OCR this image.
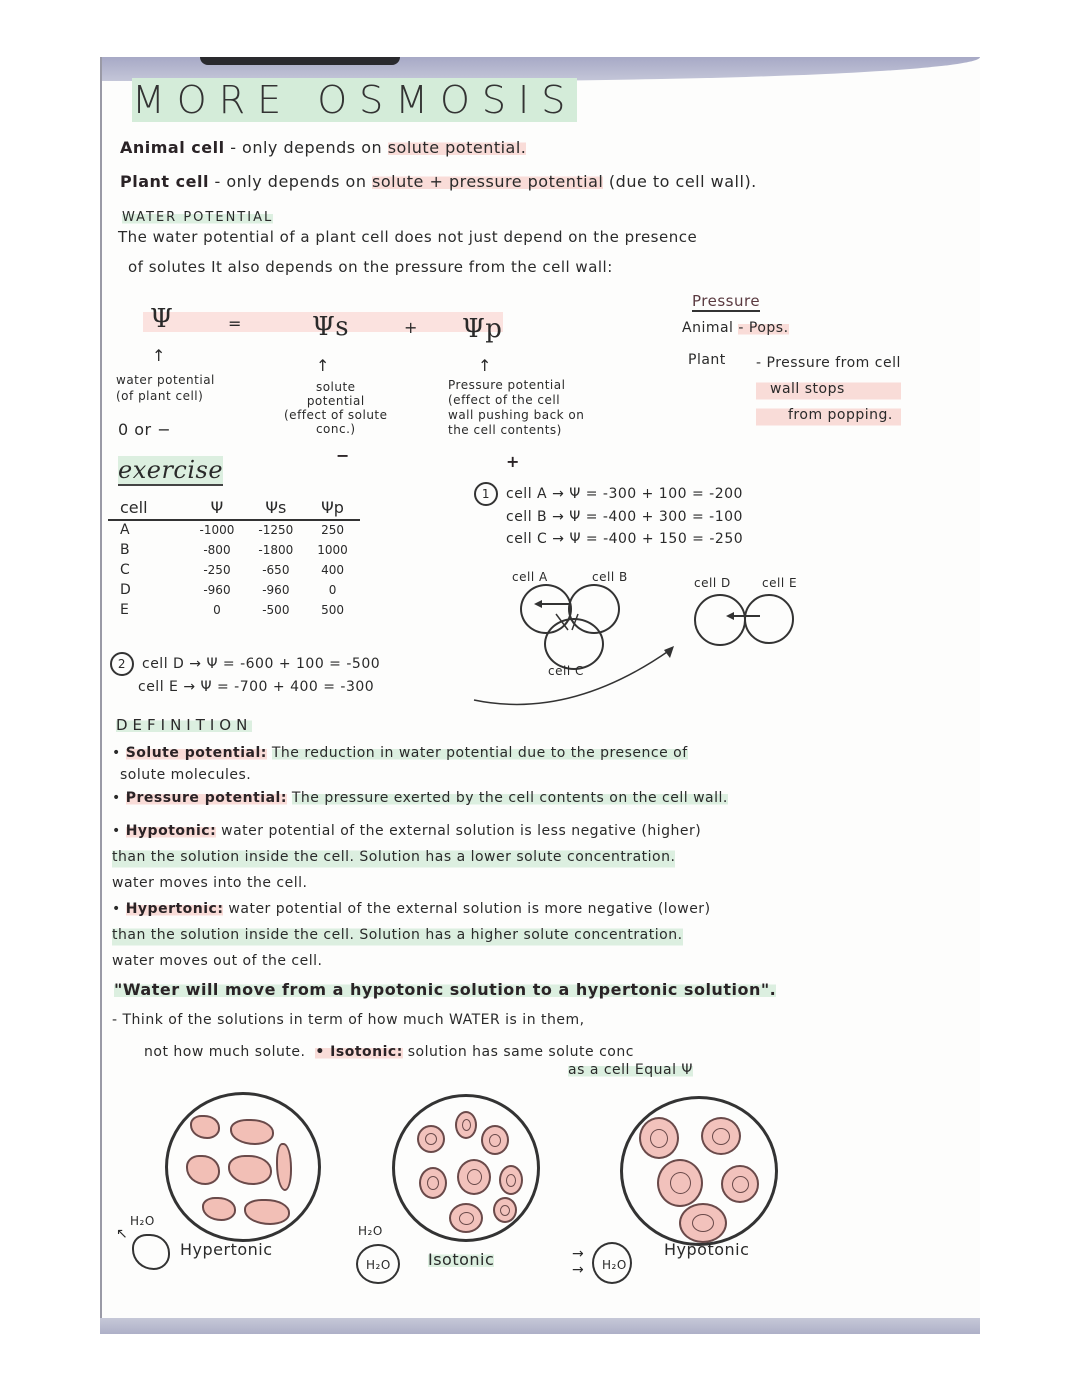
MORE OSMOSIS
Animal cell - only depends on solute potential.
Plant cell - only depends on solute + pressure potential (due to cell wall).
WATER POTENTIAL
The water potential of a plant cell does not just depend on the presence
of solutes It also depends on the pressure from the cell wall:
Ψ	=	Ψs	+ Ψp
↑
↑	↑
water potential
(of plant cell)
0 or −
solute
potential
(effect of solute
conc.)
−
Pressure potential
(effect of the cell
wall pushing back on
the cell contents)
+
Pressure
Animal - Pops.
Plant - Pressure from cell
wall stops
from popping.
exercise
cell	Ψ	Ψs	Ψp
A	-1000	-1250	250
B	-800	-1800	1000
C	-250	-650	400
D	-960	-960	0
E	0	-500	500
1 cell A → Ψ = -300 + 100 = -200
cell B → Ψ = -400 + 300 = -100
cell C → Ψ = -400 + 150 = -250
cell A	cell B
cell C
cell D	cell E
2 cell D → Ψ = -600 + 100 = -500
cell E → Ψ = -700 + 400 = -300
DEFINITION
• Solute potential: The reduction in water potential due to the presence of
solute molecules.
• Pressure potential: The pressure exerted by the cell contents on the cell wall.
• Hypotonic: water potential of the external solution is less negative (higher)
than the solution inside the cell. Solution has a lower solute concentration.
water moves into the cell.
• Hypertonic: water potential of the external solution is more negative (lower)
than the solution inside the cell. Solution has a higher solute concentration.
water moves out of the cell.
"Water will move from a hypotonic solution to a hypertonic solution".
- Think of the solutions in term of how much WATER is in them,
not how much solute. • Isotonic: solution has same solute conc
as a cell Equal Ψ
H₂O
↖
Hypertonic
H₂O
H₂O Isotonic	→
→ H₂O
Hypotonic
